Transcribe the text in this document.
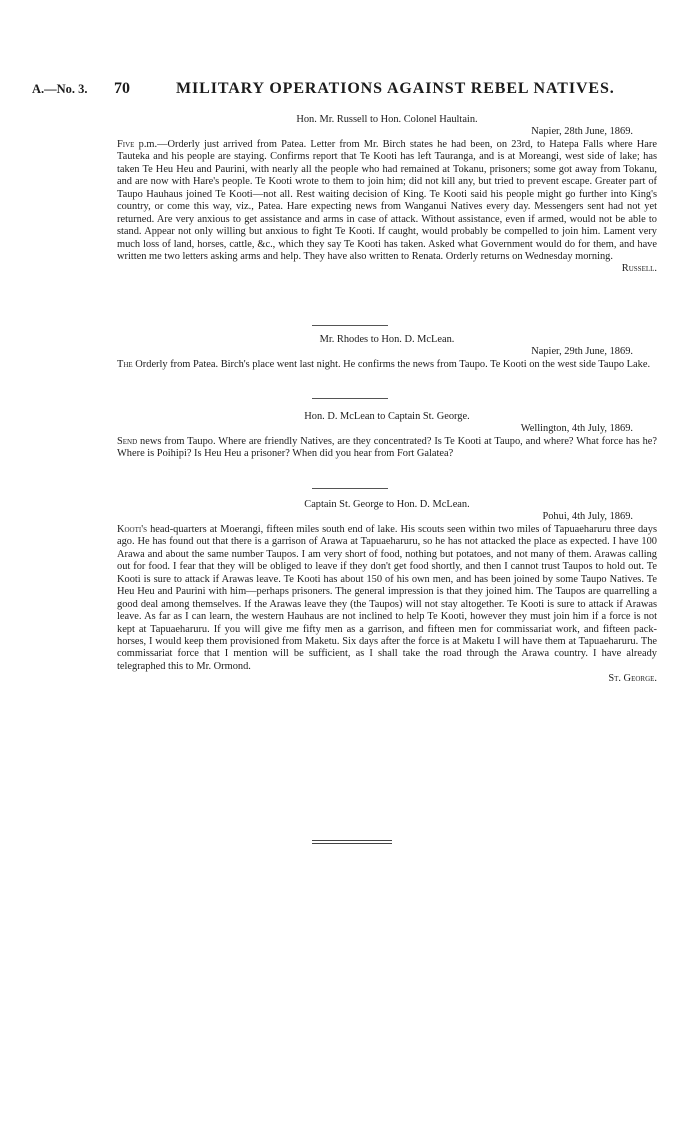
A.—No. 3. 70	MILITARY OPERATIONS AGAINST REBEL NATIVES.

Hon. Mr. Russell to Hon. Colonel Haultain.

Napier, 28th June, 1869.

Five p.m.—Orderly just arrived from Patea. Letter from Mr. Birch states he had been, on 23rd, to Hatepa Falls where Hare Tauteka and his people are staying. Confirms report that Te Kooti has left Tauranga, and is at Moreangi, west side of lake; has taken Te Heu Heu and Paurini, with nearly all the people who had remained at Tokanu, prisoners; some got away from Tokanu, and are now with Hare's people. Te Kooti wrote to them to join him; did not kill any, but tried to prevent escape. Greater part of Taupo Hauhaus joined Te Kooti—not all. Rest waiting decision of King. Te Kooti said his people might go further into King's country, or come this way, viz., Patea. Hare expecting news from Wanganui Natives every day. Messengers sent had not yet returned. Are very anxious to get assistance and arms in case of attack. Without assistance, even if armed, would not be able to stand. Appear not only willing but anxious to fight Te Kooti. If caught, would probably be compelled to join him. Lament very much loss of land, horses, cattle, &c., which they say Te Kooti has taken. Asked what Government would do for them, and have written me two letters asking arms and help. They have also written to Renata. Orderly returns on Wednesday morning.

Russell.

Mr. Rhodes to Hon. D. McLean.

Napier, 29th June, 1869.

The Orderly from Patea. Birch's place went last night. He confirms the news from Taupo. Te Kooti on the west side Taupo Lake.

Hon. D. McLean to Captain St. George.

Wellington, 4th July, 1869.

Send news from Taupo. Where are friendly Natives, are they concentrated? Is Te Kooti at Taupo, and where? What force has he? Where is Poihipi? Is Heu Heu a prisoner? When did you hear from Fort Galatea?

Captain St. George to Hon. D. McLean.

Pohui, 4th July, 1869.

Kooti's head-quarters at Moerangi, fifteen miles south end of lake. His scouts seen within two miles of Tapuaeharuru three days ago. He has found out that there is a garrison of Arawa at Tapuaeharuru, so he has not attacked the place as expected. I have 100 Arawa and about the same number Taupos. I am very short of food, nothing but potatoes, and not many of them. Arawas calling out for food. I fear that they will be obliged to leave if they don't get food shortly, and then I cannot trust Taupos to hold out. Te Kooti is sure to attack if Arawas leave. Te Kooti has about 150 of his own men, and has been joined by some Taupo Natives. Te Heu Heu and Paurini with him—perhaps prisoners. The general impression is that they joined him. The Taupos are quarrelling a good deal among themselves. If the Arawas leave they (the Taupos) will not stay altogether. Te Kooti is sure to attack if Arawas leave. As far as I can learn, the western Hauhaus are not inclined to help Te Kooti, however they must join him if a force is not kept at Tapuaeharuru. If you will give me fifty men as a garrison, and fifteen men for commissariat work, and fifteen pack-horses, I would keep them provisioned from Maketu. Six days after the force is at Maketu I will have them at Tapuaeharuru. The commissariat force that I mention will be sufficient, as I shall take the road through the Arawa country. I have already telegraphed this to Mr. Ormond.

St. George.
